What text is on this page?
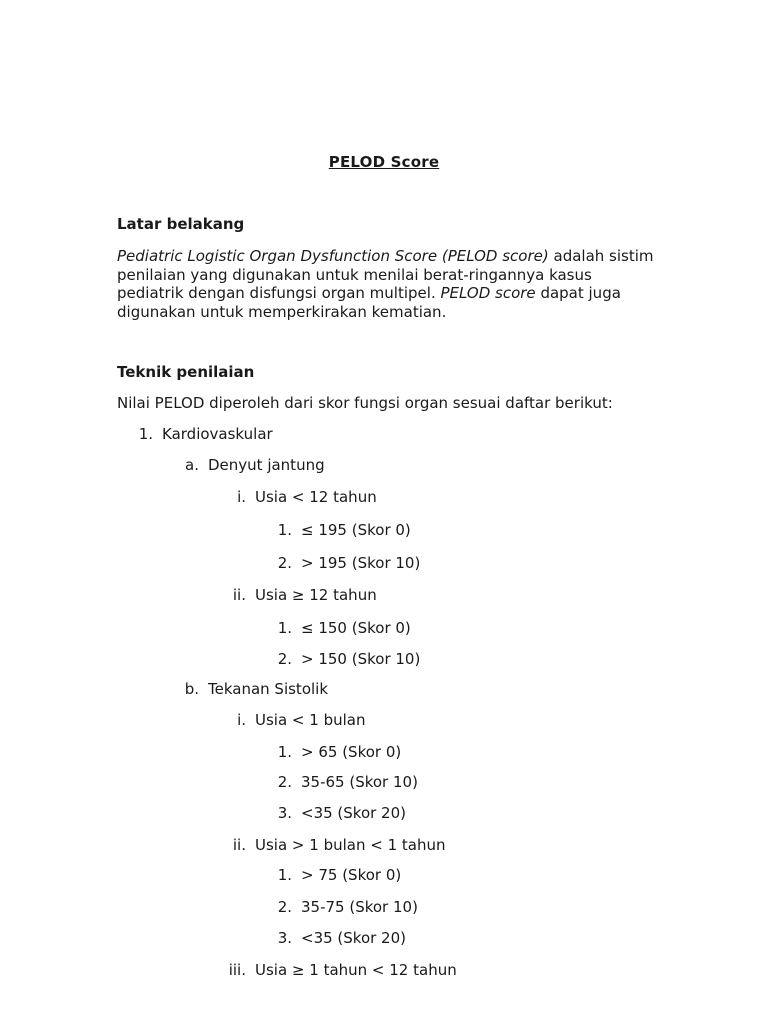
PELOD Score
Latar belakang
Pediatric Logistic Organ Dysfunction Score (PELOD score) adalah sistim penilaian yang digunakan untuk menilai berat-ringannya kasus pediatrik dengan disfungsi organ multipel. PELOD score dapat juga digunakan untuk memperkirakan kematian.
Teknik penilaian
Nilai PELOD diperoleh dari skor fungsi organ sesuai daftar berikut:
1. Kardiovaskular
a. Denyut jantung
i. Usia < 12 tahun
1. ≤ 195 (Skor 0)
2. > 195 (Skor 10)
ii. Usia ≥ 12 tahun
1. ≤ 150 (Skor 0)
2. > 150 (Skor 10)
b. Tekanan Sistolik
i. Usia < 1 bulan
1. > 65 (Skor 0)
2. 35-65 (Skor 10)
3. <35 (Skor 20)
ii. Usia > 1 bulan < 1 tahun
1. > 75 (Skor 0)
2. 35-75 (Skor 10)
3. <35 (Skor 20)
iii. Usia ≥ 1 tahun < 12 tahun
